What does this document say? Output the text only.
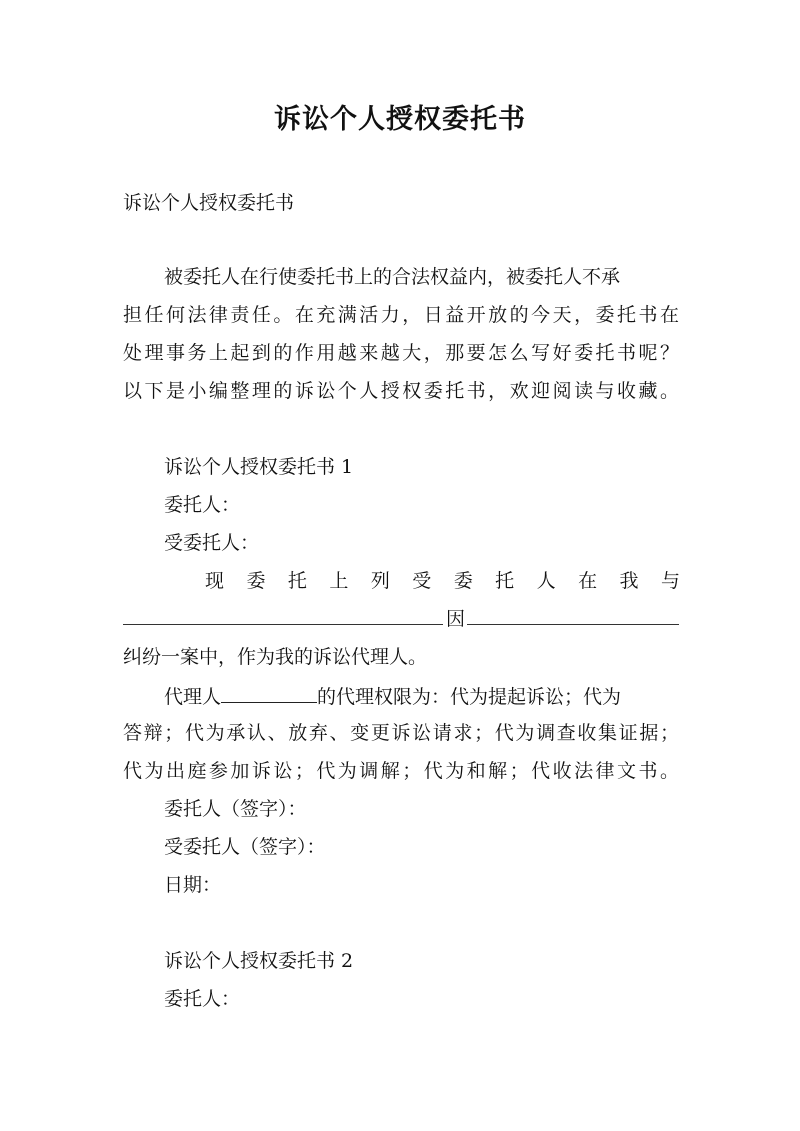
诉讼个人授权委托书
诉讼个人授权委托书
被委托人在行使委托书上的合法权益内，被委托人不承
担任何法律责任。在充满活力，日益开放的今天，委托书在
处理事务上起到的作用越来越大，那要怎么写好委托书呢？
以下是小编整理的诉讼个人授权委托书，欢迎阅读与收藏。
诉讼个人授权委托书 1
委托人：
受委托人：
现 委 托 上 列 受 委 托 人 在 我 与
因
纠纷一案中，作为我的诉讼代理人。
代理人	的代理权限为：代为提起诉讼；代为
答辩；代为承认、放弃、变更诉讼请求；代为调查收集证据；
代为出庭参加诉讼；代为调解；代为和解；代收法律文书。
委托人（签字）：
受委托人（签字）：
日期：
诉讼个人授权委托书 2
委托人：
